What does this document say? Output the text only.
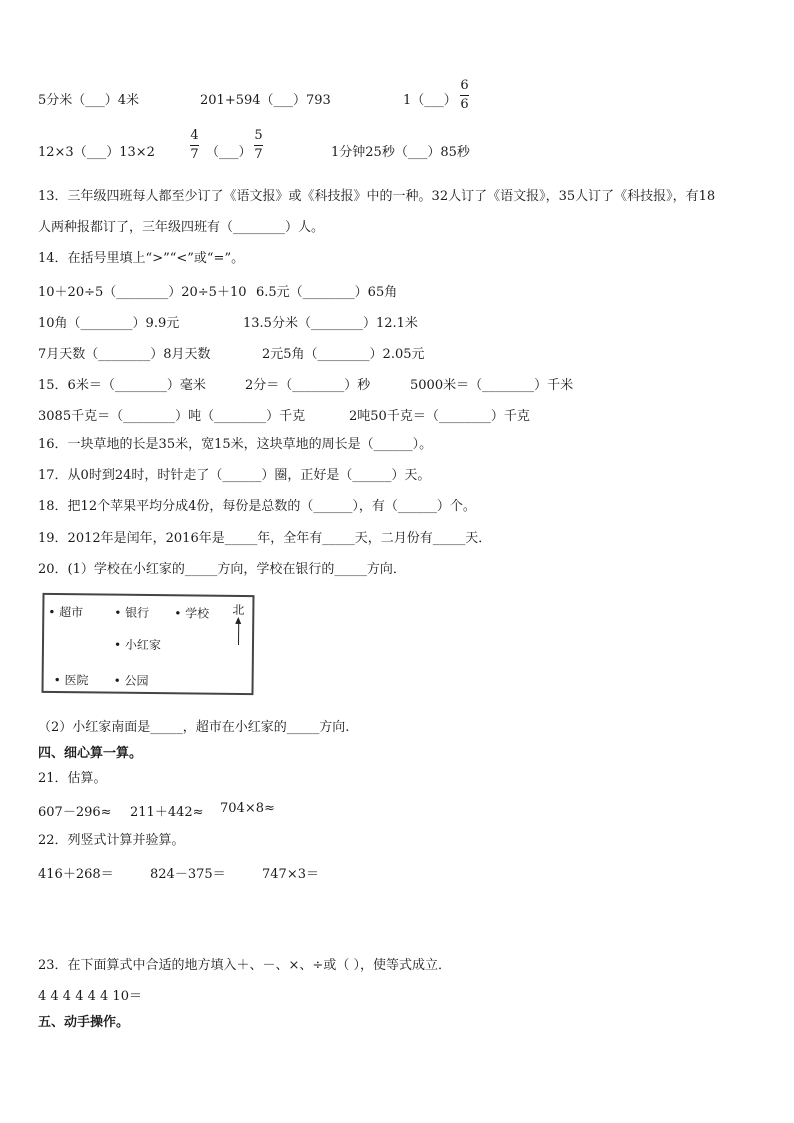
5分米（___）4米	201+594（___）793	1（___）
6
6
12×3（___）13×2
4
7 （___）
5
7	1分钟25秒（___）85秒
13．三年级四班每人都至少订了《语文报》或《科技报》中的一种。32人订了《语文报》，35人订了《科技报》，有18
人两种报都订了，三年级四班有（________）人。
14．在括号里填上“>”“<”或“=”。
10＋20÷5（________）20÷5＋10 6.5元（________）65角
10角（________）9.9元	13.5分米（________）12.1米
7月天数（________）8月天数	2元5角（________）2.05元
15．6米＝（________）毫米	2分＝（________）秒	5000米＝（________）千米
3085千克＝（________）吨（________）千克	2吨50千克＝（________）千克
16．一块草地的长是35米，宽15米，这块草地的周长是（______）。
17．从0时到24时，时针走了（______）圈，正好是（______）天。
18．把12个苹果平均分成4份，每份是总数的（______），有（______）个。
19．2012年是闰年，2016年是_____年，全年有_____天，二月份有_____天．
20．(1）学校在小红家的_____方向，学校在银行的_____方向．
• 超市	• 银行 • 学校 北
• 小红家
• 医院 • 公园
（2）小红家南面是_____，超市在小红家的_____方向.
四、细心算一算。
21．估算。
607－296≈ 211＋442≈ 704×8≈
22．列竖式计算并验算。
416＋268＝	824－375＝	747×3＝
23．在下面算式中合适的地方填入＋、－、×、÷或（ ），使等式成立．
4 4 4 4 4 4 10＝
五、动手操作。
